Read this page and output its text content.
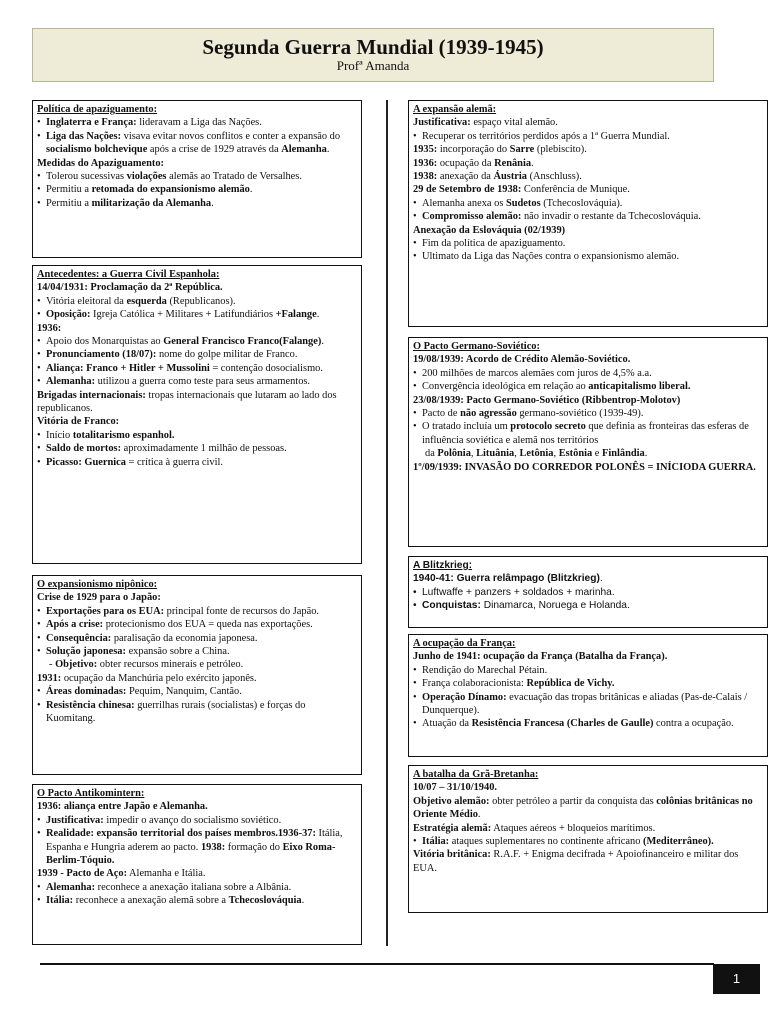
Segunda Guerra Mundial (1939-1945)
Profª Amanda
Política de apaziguamento:
• Inglaterra e França: lideravam a Liga das Nações.
• Liga das Nações: visava evitar novos conflitos e conter a expansão do socialismo bolchevique após a crise de 1929 através da Alemanha.
Medidas do Apaziguamento:
• Tolerou sucessivas violações alemãs ao Tratado de Versalhes.
• Permitiu a retomada do expansionismo alemão.
• Permitiu a militarização da Alemanha.
Antecedentes: a Guerra Civil Espanhola:
14/04/1931: Proclamação da 2ª República.
• Vitória eleitoral da esquerda (Republicanos).
• Oposição: Igreja Católica + Militares + Latifundiários +Falange.
1936:
• Apoio dos Monarquistas ao General Francisco Franco(Falange).
• Pronunciamento (18/07): nome do golpe militar de Franco.
• Aliança: Franco + Hitler + Mussolini = contenção dosocialismo.
• Alemanha: utilizou a guerra como teste para seus armamentos.
Brigadas internacionais: tropas internacionais que lutaram ao lado dos republicanos.
Vitória de Franco:
• Início totalitarismo espanhol.
• Saldo de mortos: aproximadamente 1 milhão de pessoas.
• Picasso: Guernica = crítica à guerra civil.
O expansionismo nipônico:
Crise de 1929 para o Japão:
• Exportações para os EUA: principal fonte de recursos do Japão.
• Após a crise: protecionismo dos EUA = queda nas exportações.
• Consequência: paralisação da economia japonesa.
• Solução japonesa: expansão sobre a China.
- Objetivo: obter recursos minerais e petróleo.
1931: ocupação da Manchúria pelo exército japonês.
• Áreas dominadas: Pequim, Nanquim, Cantão.
• Resistência chinesa: guerrilhas rurais (socialistas) e forças do Kuomitang.
O Pacto Antikomintern:
1936: aliança entre Japão e Alemanha.
• Justificativa: impedir o avanço do socialismo soviético.
• Realidade: expansão territorial dos países membros.1936-37: Itália, Espanha e Hungria aderem ao pacto. 1938: formação do Eixo Roma-Berlim-Tóquio.
1939 - Pacto de Aço: Alemanha e Itália.
• Alemanha: reconhece a anexação italiana sobre a Albânia.
• Itália: reconhece a anexação alemã sobre a Tchecoslováquia.
A expansão alemã:
Justificativa: espaço vital alemão.
• Recuperar os territórios perdidos após a 1ª Guerra Mundial.
1935: incorporação do Sarre (plebiscito).
1936: ocupação da Renânia.
1938: anexação da Áustria (Anschluss).
29 de Setembro de 1938: Conferência de Munique.
• Alemanha anexa os Sudetos (Tchecoslováquia).
• Compromisso alemão: não invadir o restante da Tchecoslováquia.
Anexação da Eslováquia (02/1939)
• Fim da política de apaziguamento.
• Ultimato da Liga das Nações contra o expansionismo alemão.
O Pacto Germano-Soviético:
19/08/1939: Acordo de Crédito Alemão-Soviético.
• 200 milhões de marcos alemães com juros de 4,5% a.a.
• Convergência ideológica em relação ao anticapitalismo liberal.
23/08/1939: Pacto Germano-Soviético (Ribbentrop-Molotov)
• Pacto de não agressão germano-soviético (1939-49).
• O tratado incluía um protocolo secreto que definia as fronteiras das esferas de influência soviética e alemã nos territórios
da Polônia, Lituânia, Letônia, Estônia e Finlândia.
1º/09/1939: INVASÃO DO CORREDOR POLONÊS = INÍCIODA GUERRA.
A Blitzkrieg:
1940-41: Guerra relâmpago (Blitzkrieg).
• Luftwaffe + panzers + soldados + marinha.
• Conquistas: Dinamarca, Noruega e Holanda.
A ocupação da França:
Junho de 1941: ocupação da França (Batalha da França).
• Rendição do Marechal Pétain.
• França colaboracionista: República de Vichy.
• Operação Dínamo: evacuação das tropas britânicas e aliadas (Pas-de-Calais / Dunquerque).
• Atuação da Resistência Francesa (Charles de Gaulle) contra a ocupação.
A batalha da Grã-Bretanha:
10/07 – 31/10/1940.
Objetivo alemão: obter petróleo a partir da conquista das colônias britânicas no Oriente Médio.
Estratégia alemã: Ataques aéreos + bloqueios marítimos.
• Itália: ataques suplementares no continente africano (Mediterrâneo).
Vitória britânica: R.A.F. + Enigma decifrada + Apoiofinanceiro e militar dos EUA.
1
